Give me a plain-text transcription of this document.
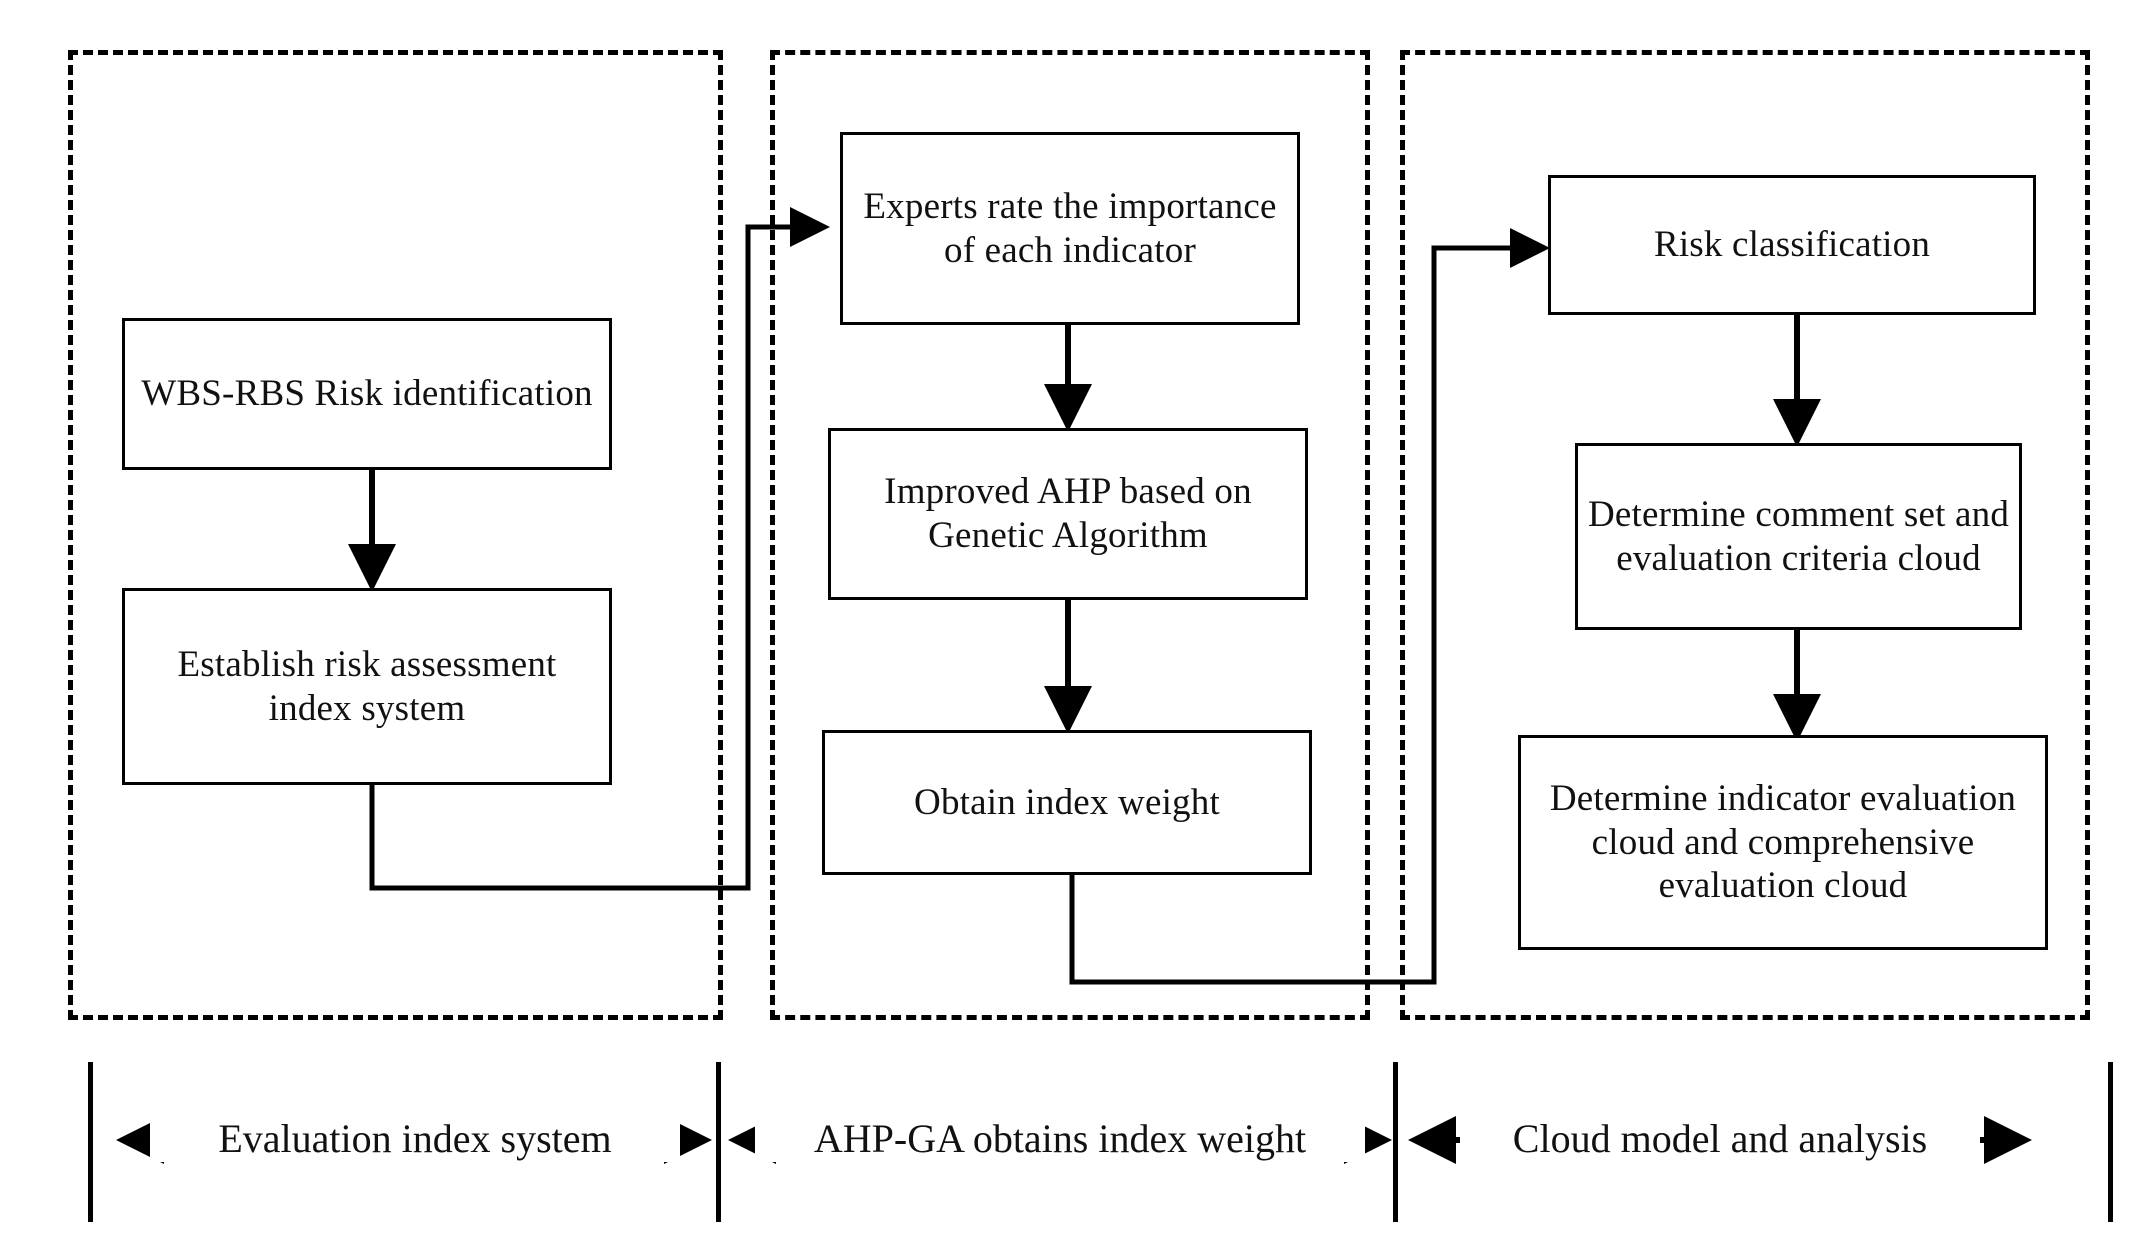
WBS-RBS Risk identification
Establish risk assessment index system
Experts rate the importance of each indicator
Improved AHP based on Genetic Algorithm
Obtain index weight
Risk classification
Determine comment set and evaluation criteria cloud
Determine indicator evaluation cloud and comprehensive evaluation cloud
Evaluation index system	AHP-GA obtains index weight	Cloud model and analysis
